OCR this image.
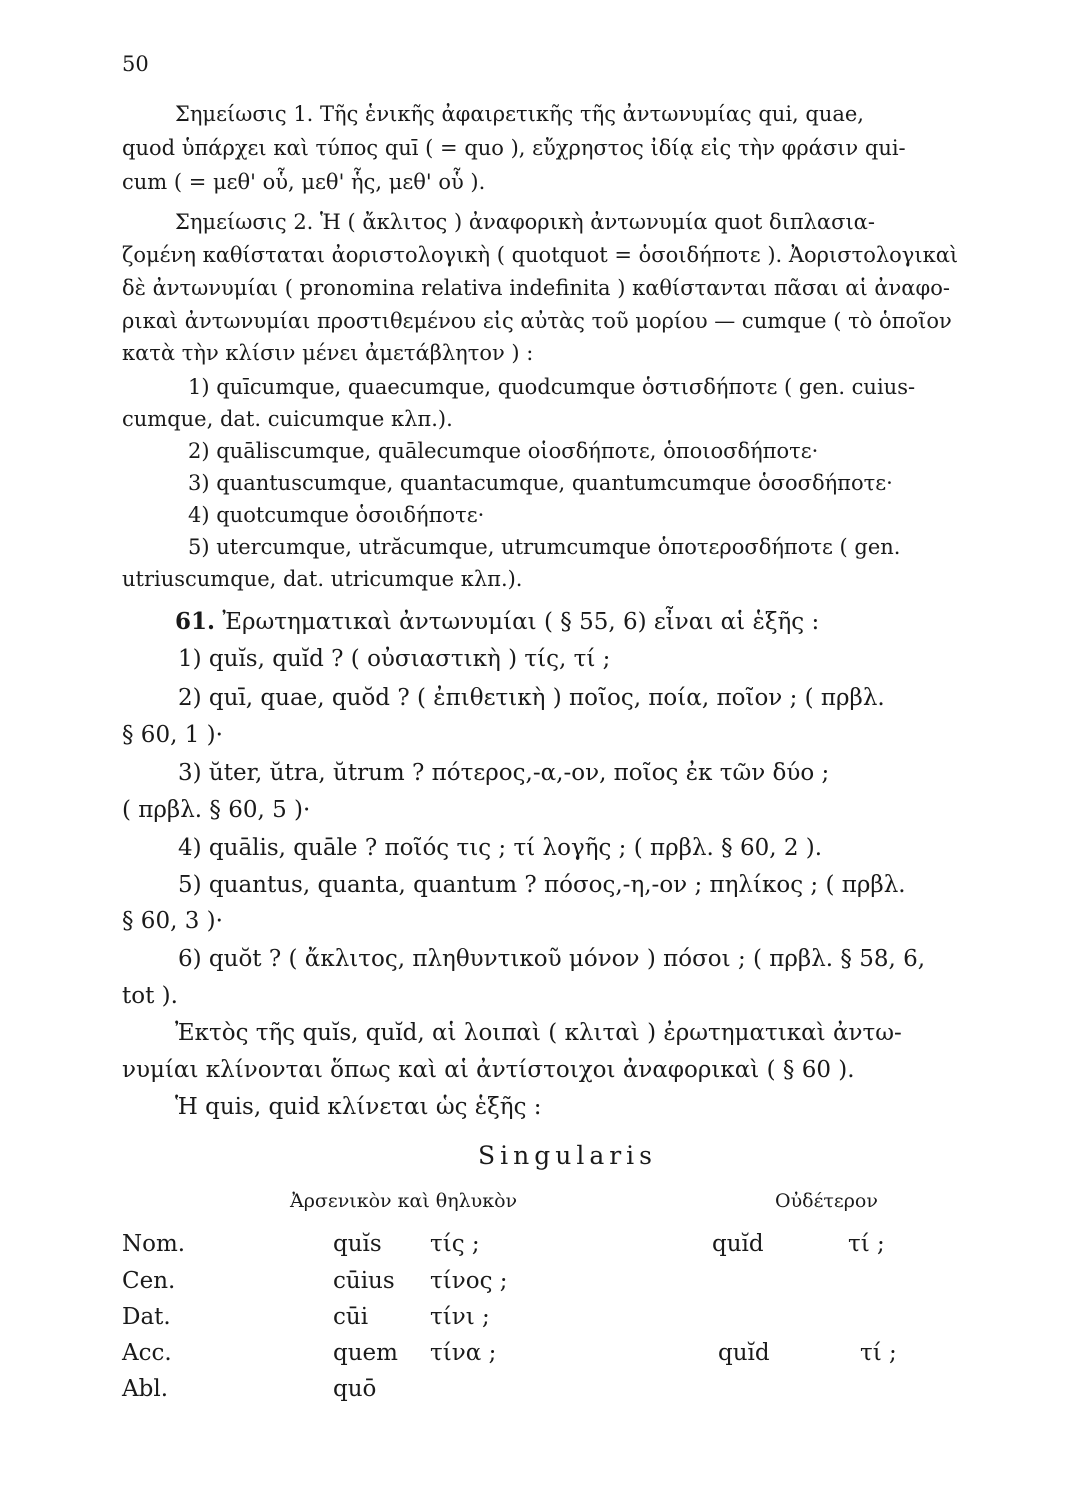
50
Σημείωσις 1. Τῆς ἑνικῆς ἀφαιρετικῆς τῆς ἀντωνυμίας qui, quae,
quod ὑπάρχει καὶ τύπος quī ( = quo ), εὔχρηστος ἰδίᾳ εἰς τὴν φράσιν qui-
cum ( = μεθ' οὗ, μεθ' ἧς, μεθ' οὗ ).
Σημείωσις 2. Ἡ ( ἄκλιτος ) ἀναφορικὴ ἀντωνυμία quot διπλασια-
ζομένη καθίσταται ἀοριστολογικὴ ( quotquot = ὁσοιδήποτε ). Ἀοριστολογικαὶ
δὲ ἀντωνυμίαι ( pronomina relativa indefinita ) καθίστανται πᾶσαι αἱ ἀναφο-
ρικαὶ ἀντωνυμίαι προστιθεμένου εἰς αὐτὰς τοῦ μορίου — cumque ( τὸ ὁποῖον
κατὰ τὴν κλίσιν μένει ἀμετάβλητον ) :
1) quīcumque, quaecumque, quodcumque ὁστισδήποτε ( gen. cuius-
cumque, dat. cuicumque κλπ.).
2) quāliscumque, quālecumque οἱοσδήποτε, ὁποιοσδήποτε·
3) quantuscumque, quantacumque, quantumcumque ὁσοσδήποτε·
4) quotcumque ὁσοιδήποτε·
5) utercumque, utrăcumque, utrumcumque ὁποτεροσδήποτε ( gen.
utriuscumque, dat. utricumque κλπ.).
61. Ἐρωτηματικαὶ ἀντωνυμίαι ( § 55, 6) εἶναι αἱ ἑξῆς :
1) quĭs, quĭd ? ( οὐσιαστικὴ ) τίς, τί ;
2) quī, quae, quŏd ? ( ἐπιθετικὴ ) ποῖος, ποία, ποῖον ; ( πρβλ.
§ 60, 1 )·
3) ŭter, ŭtra, ŭtrum ? πότερος,-α,-ον, ποῖος ἐκ τῶν δύο ;
( πρβλ. § 60, 5 )·
4) quālis, quāle ? ποῖός τις ; τί λογῆς ; ( πρβλ. § 60, 2 ).
5) quantus, quanta, quantum ? πόσος,-η,-ον ; πηλίκος ; ( πρβλ.
§ 60, 3 )·
6) quŏt ? ( ἄκλιτος, πληθυντικοῦ μόνον ) πόσοι ; ( πρβλ. § 58, 6,
tot ).
Ἐκτὸς τῆς quĭs, quĭd, αἱ λοιπαὶ ( κλιταὶ ) ἐρωτηματικαὶ ἀντω-
νυμίαι κλίνονται ὅπως καὶ αἱ ἀντίστοιχοι ἀναφορικαὶ ( § 60 ).
Ἡ quis, quid κλίνεται ὡς ἑξῆς :
Singularis
Ἀρσενικὸν καὶ θηλυκὸν	Οὐδέτερον
Nom.	quĭs τίς ;	quĭd	τί ;
Cen.	cūius τίνος ;
Dat.	cūi	τίνι ;
Acc.	quem τίνα ;	quĭd	τί ;
Abl.	quō
